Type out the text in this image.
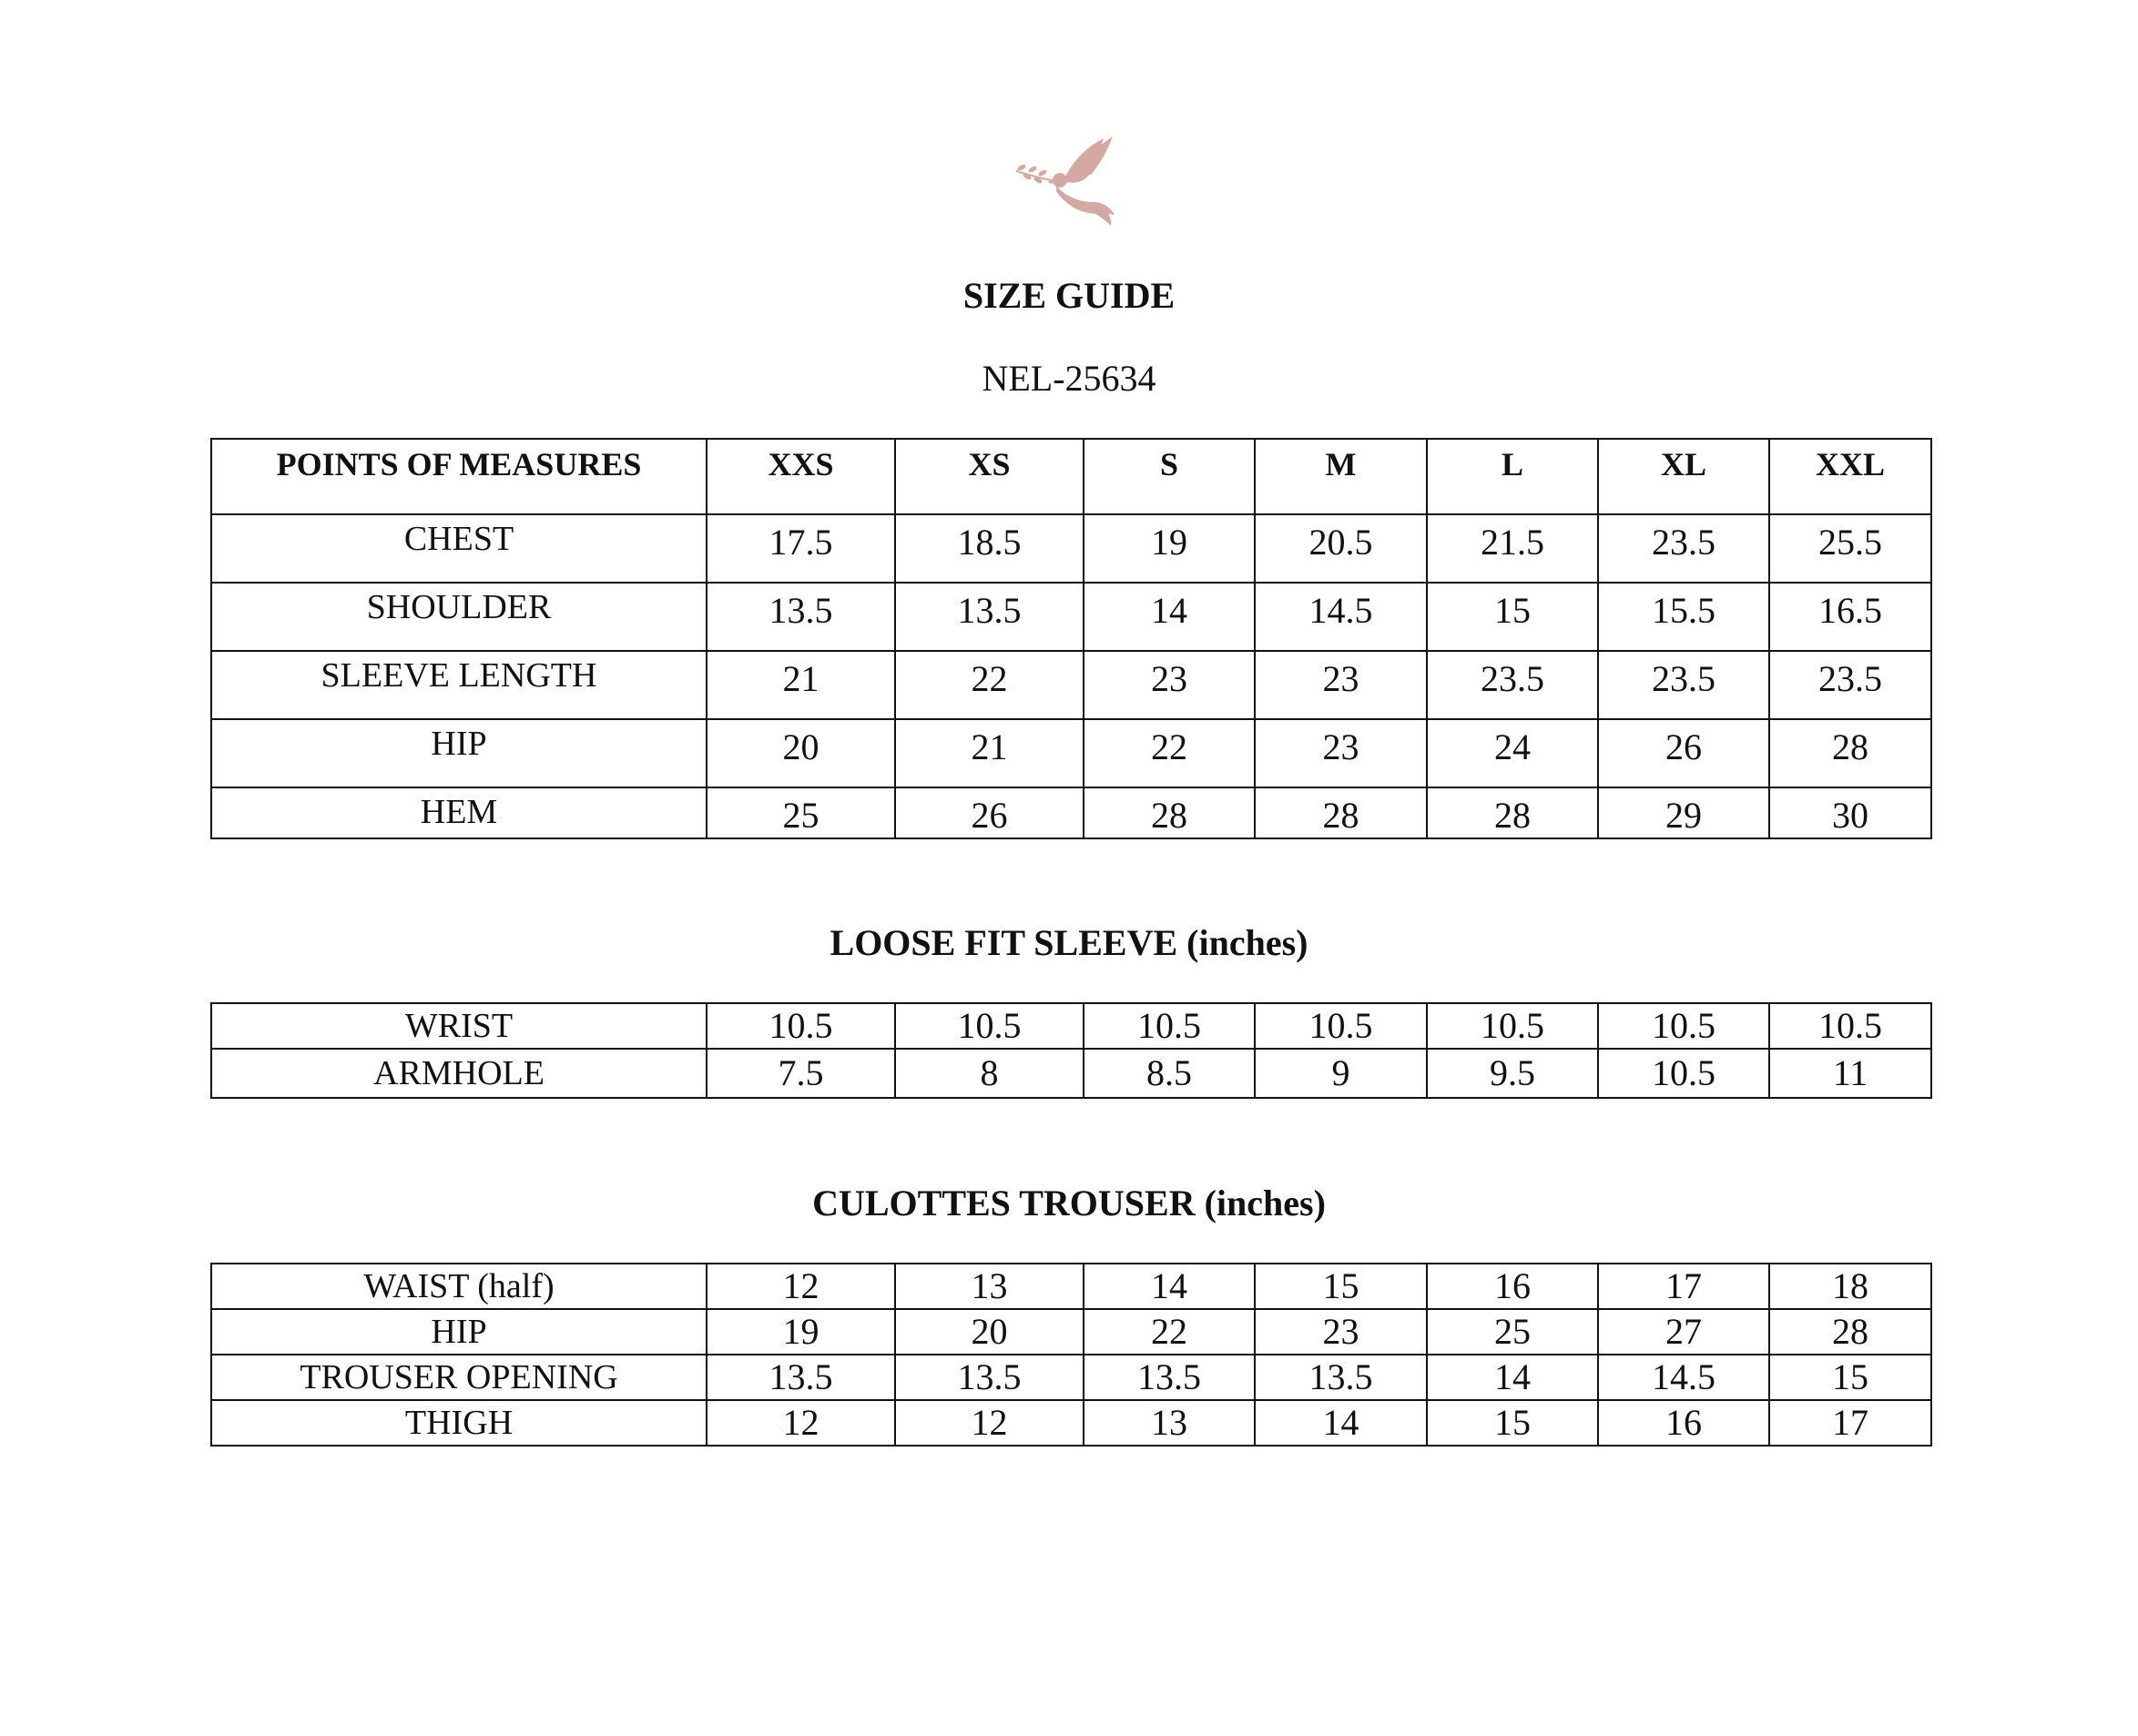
SIZE GUIDE
NEL-25634
POINTS OF MEASURES	XXS	XS	S	M	L	XL	XXL
CHEST	17.5	18.5	19	20.5	21.5	23.5	25.5
SHOULDER	13.5	13.5	14	14.5	15	15.5	16.5
SLEEVE LENGTH	21	22	23	23	23.5	23.5	23.5
HIP	20	21	22	23	24	26	28
HEM	25	26	28	28	28	29	30
LOOSE FIT SLEEVE (inches)
WRIST	10.5	10.5	10.5	10.5	10.5	10.5	10.5
ARMHOLE	7.5	8	8.5	9	9.5	10.5	11
CULOTTES TROUSER (inches)
WAIST (half)	12	13	14	15	16	17	18
HIP	19	20	22	23	25	27	28
TROUSER OPENING	13.5	13.5	13.5	13.5	14	14.5	15
THIGH	12	12	13	14	15	16	17
